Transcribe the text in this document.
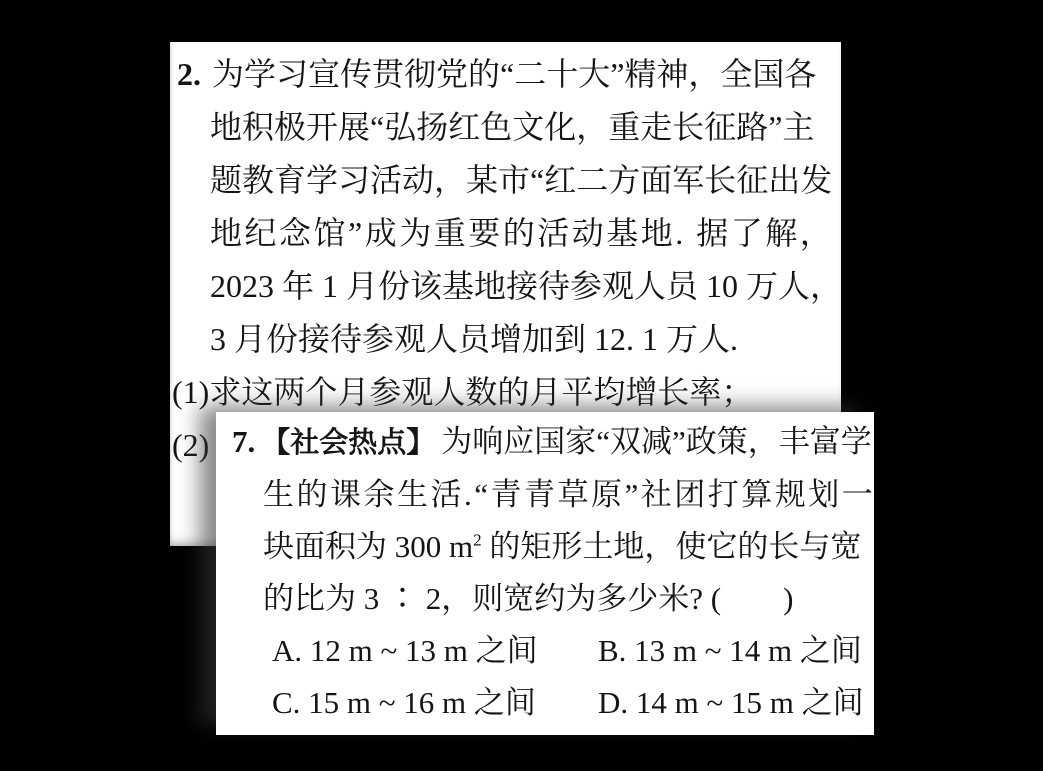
2. 为学习宣传贯彻党的“二十大”精神，全国各
地积极开展“弘扬红色文化，重走长征路”主
题教育学习活动，某市“红二方面军长征出发
地纪念馆”成为重要的活动基地. 据了解，
2023 年 1 月份该基地接待参观人员 10 万人，
3 月份接待参观人员增加到 12. 1 万人.
(1)求这两个月参观人数的月平均增长率；
(2) 7. 【社会热点】 为响应国家“双减”政策，丰富学
生的课余生活.“青青草原”社团打算规划一
块面积为 300 $m^2$ 的矩形土地，使它的长与宽
的比为 3 ∶ 2，则宽约为多少米? (　　)
A. 12 m ~ 13 m 之间	B. 13 m ~ 14 m 之间
C. 15 m ~ 16 m 之间	D. 14 m ~ 15 m 之间
